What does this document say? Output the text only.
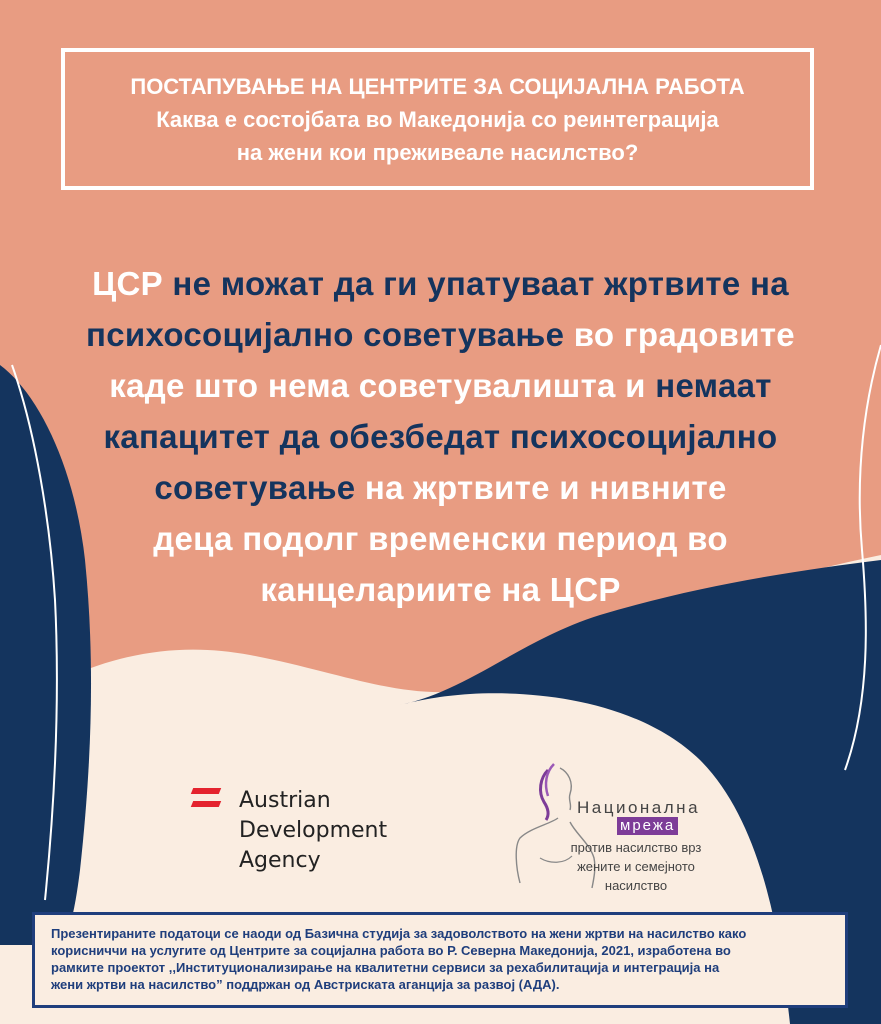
ПОСТАПУВАЊЕ НА ЦЕНТРИТЕ ЗА СОЦИЈАЛНА РАБОТА
Каква е состојбата во Македонија со реинтеграција
на жени кои преживеале насилство?
ЦСР не можат да ги упатуваат жртвите на
психосоцијално советување во градовите
каде што нема советувалишта и немаат
капацитет да обезбедат психосоцијално
советување на жртвите и нивните
деца подолг временски период во
канцелариите на ЦСР
Austrian
Development
Agency
Национална
мрежа
против насилство врз
жените и семејното
насилство
Презентираните податоци се наоди од Базична студија за задоволството на жени жртви на насилство како
корисниччи на услугите од Центрите за социјална работа во Р. Северна Македонија, 2021, изработена во
рамките проектот ,,Институционализирање на квалитетни сервиси за рехабилитација и интеграција на
жени жртви на насилство” поддржан од Австриската аганција за развој (АДА).
